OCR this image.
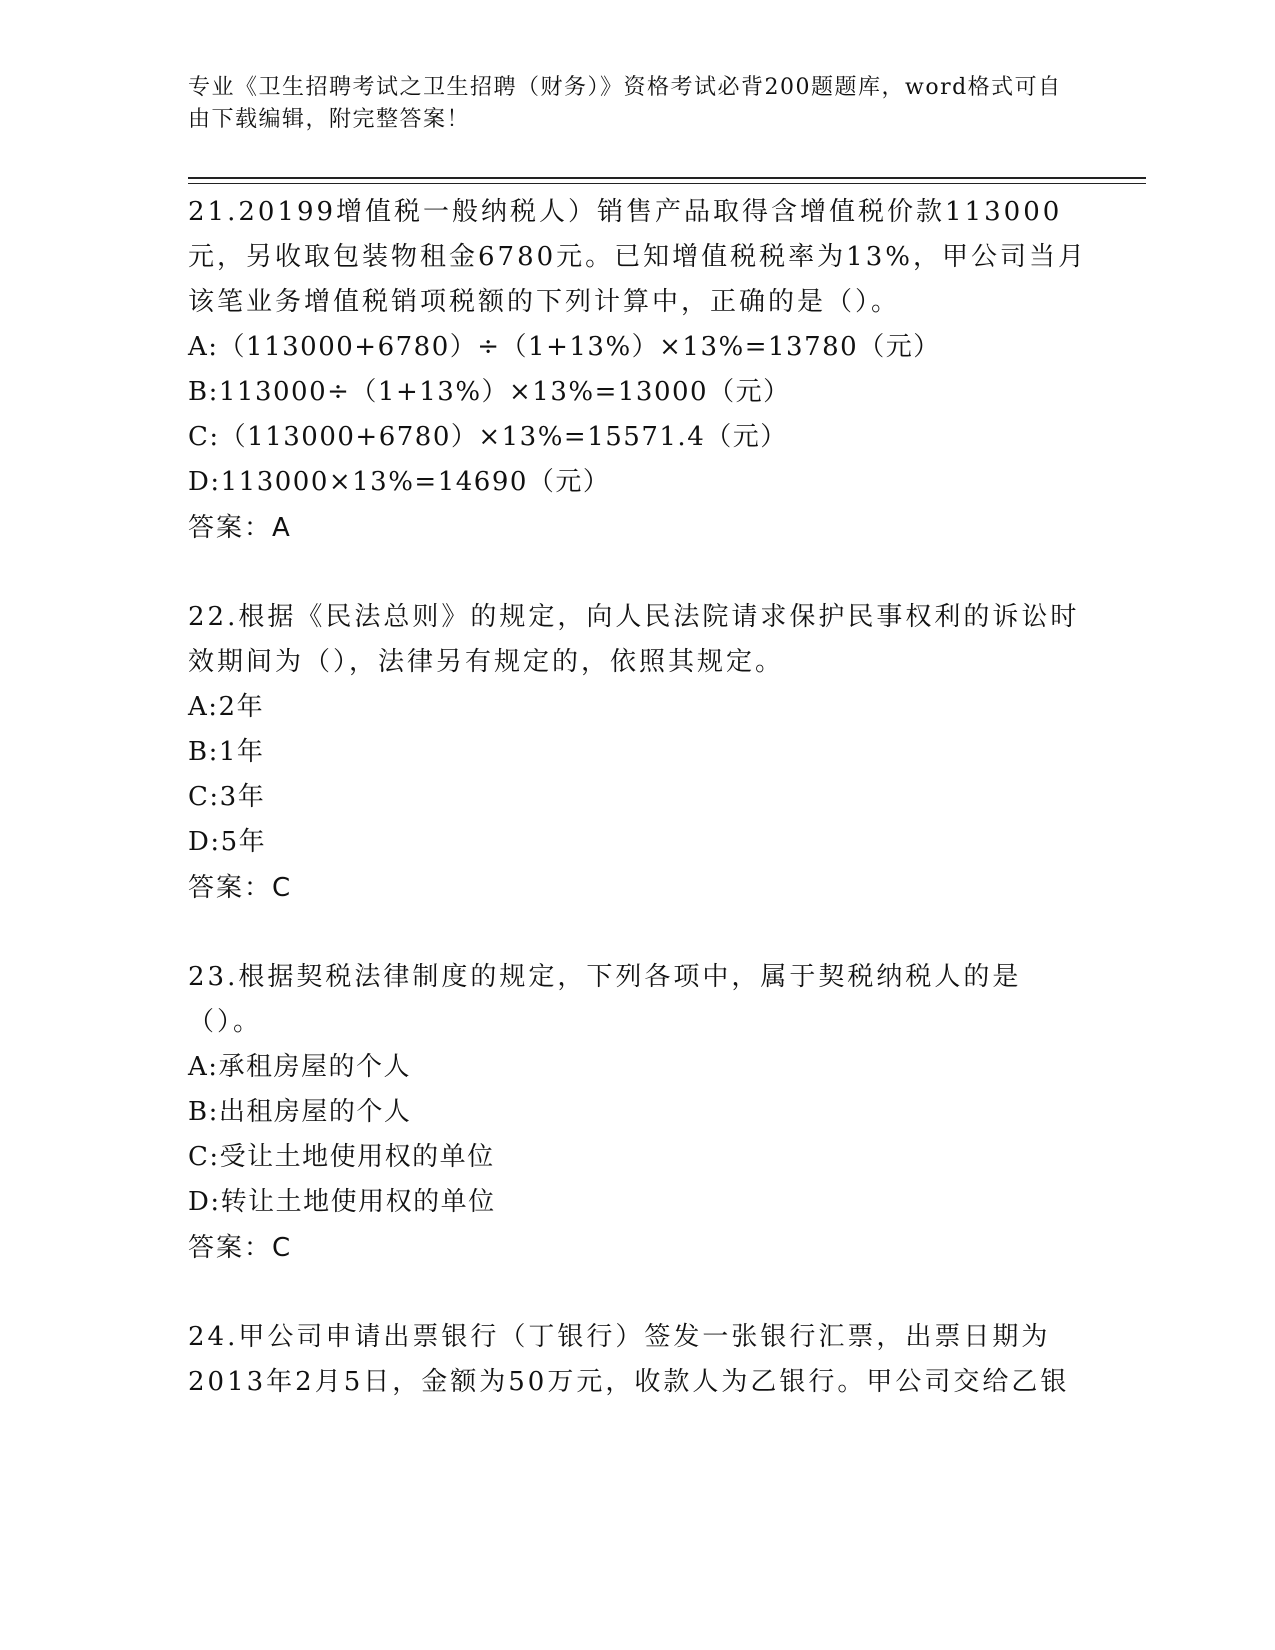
专业《卫生招聘考试之卫生招聘（财务）》资格考试必背200题题库，word格式可自由下载编辑，附完整答案！

21.20199增值税一般纳税人）销售产品取得含增值税价款113000元，另收取包装物租金6780元。已知增值税税率为13%，甲公司当月该笔业务增值税销项税额的下列计算中，正确的是（）。

A:（113000+6780）÷（1+13%）×13%=13780（元）

B:113000÷（1+13%）×13%=13000（元）

C:（113000+6780）×13%=15571.4（元）

D:113000×13%=14690（元）

答案：A

22.根据《民法总则》的规定，向人民法院请求保护民事权利的诉讼时效期间为（），法律另有规定的，依照其规定。

A:2年

B:1年

C:3年

D:5年

答案：C

23.根据契税法律制度的规定，下列各项中，属于契税纳税人的是（）。

A:承租房屋的个人

B:出租房屋的个人

C:受让土地使用权的单位

D:转让土地使用权的单位

答案：C

24.甲公司申请出票银行（丁银行）签发一张银行汇票，出票日期为2013年2月5日，金额为50万元，收款人为乙银行。甲公司交给乙银
